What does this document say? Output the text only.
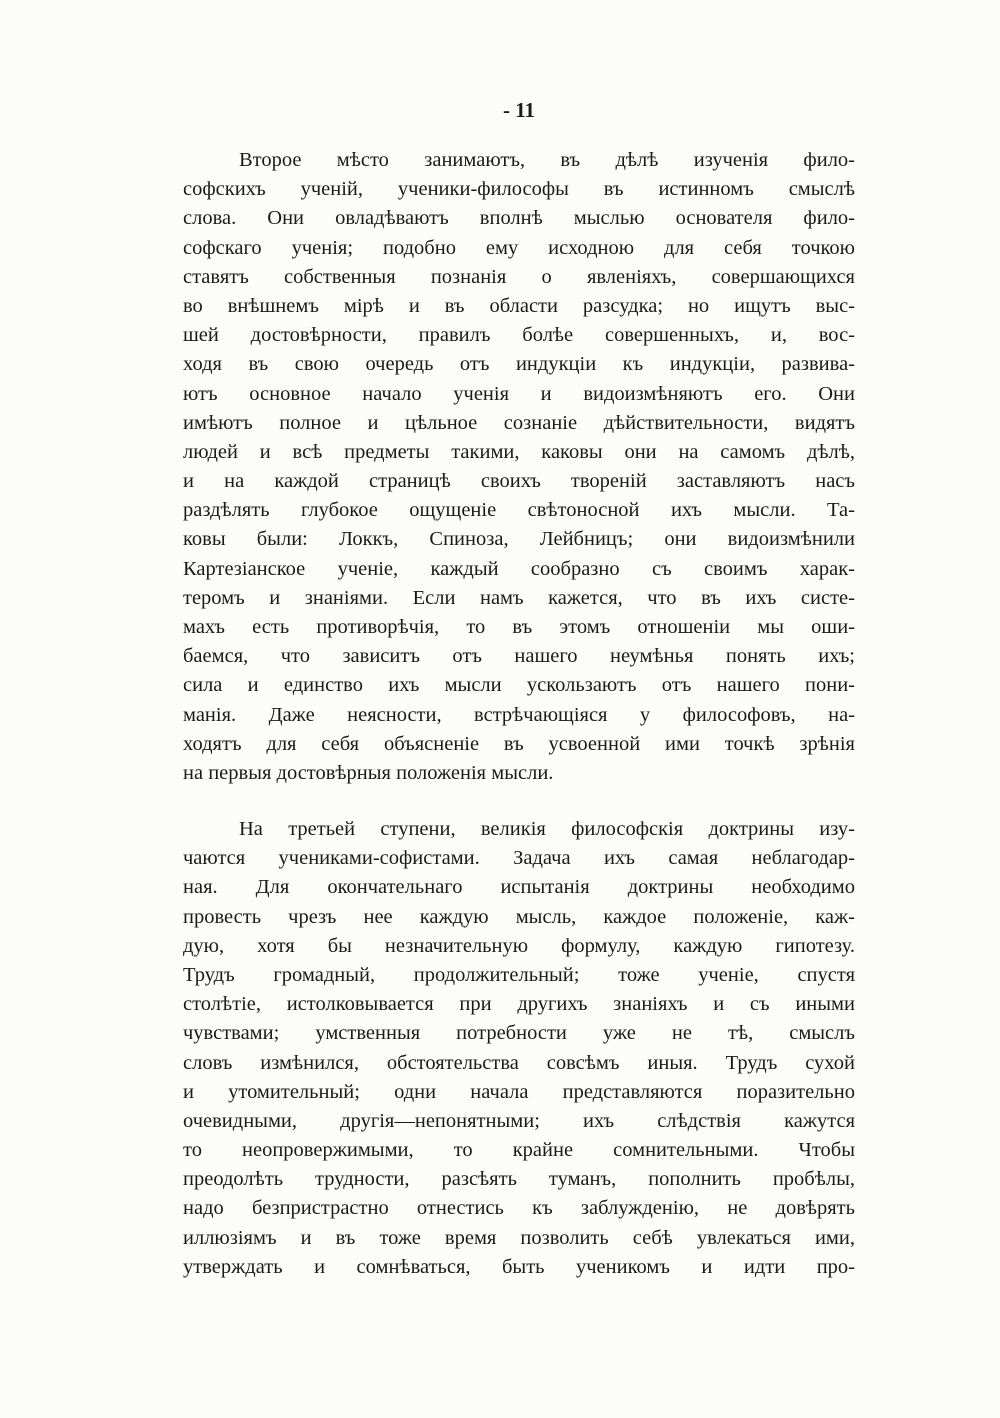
- 11
Второе мѣсто занимаютъ, въ дѣлѣ изученія фило-
софскихъ ученій, ученики-философы въ истинномъ смыслѣ
слова. Они овладѣваютъ вполнѣ мыслью основателя фило-
софскаго ученія; подобно ему исходною для себя точкою
ставятъ собственныя познанія о явленіяхъ, совершающихся
во внѣшнемъ мірѣ и въ области разсудка; но ищутъ выс-
шей достовѣрности, правилъ болѣе совершенныхъ, и, вос-
ходя въ свою очередь отъ индукціи къ индукціи, развива-
ютъ основное начало ученія и видоизмѣняютъ его. Они
имѣютъ полное и цѣльное сознаніе дѣйствительности, видятъ
людей и всѣ предметы такими, каковы они на самомъ дѣлѣ,
и на каждой страницѣ своихъ твореній заставляютъ насъ
раздѣлять глубокое ощущеніе свѣтоносной ихъ мысли. Та-
ковы были: Локкъ, Спиноза, Лейбницъ; они видоизмѣнили
Картезіанское ученіе, каждый сообразно съ своимъ харак-
теромъ и знаніями. Если намъ кажется, что въ ихъ систе-
махъ есть противорѣчія, то въ этомъ отношеніи мы оши-
баемся, что зависитъ отъ нашего неумѣнья понять ихъ;
сила и единство ихъ мысли ускользаютъ отъ нашего пони-
манія. Даже неясности, встрѣчающіяся у философовъ, на-
ходятъ для себя объясненіе въ усвоенной ими точкѣ зрѣнія
на первыя достовѣрныя положенія мысли.
На третьей ступени, великія философскія доктрины изу-
чаются учениками-софистами. Задача ихъ самая неблагодар-
ная. Для окончательнаго испытанія доктрины необходимо
провесть чрезъ нее каждую мысль, каждое положеніе, каж-
дую, хотя бы незначительную формулу, каждую гипотезу.
Трудъ громадный, продолжительный; тоже ученіе, спустя
столѣтіе, истолковывается при другихъ знаніяхъ и съ иными
чувствами; умственныя потребности уже не тѣ, смыслъ
словъ измѣнился, обстоятельства совсѣмъ иныя. Трудъ сухой
и утомительный; одни начала представляются поразительно
очевидными, другія—непонятными; ихъ слѣдствія кажутся
то неопровержимыми, то крайне сомнительными. Чтобы
преодолѣть трудности, разсѣять туманъ, пополнить пробѣлы,
надо безпристрастно отнестись къ заблужденію, не довѣрять
иллюзіямъ и въ тоже время позволить себѣ увлекаться ими,
утверждать и сомнѣваться, быть ученикомъ и идти про-
